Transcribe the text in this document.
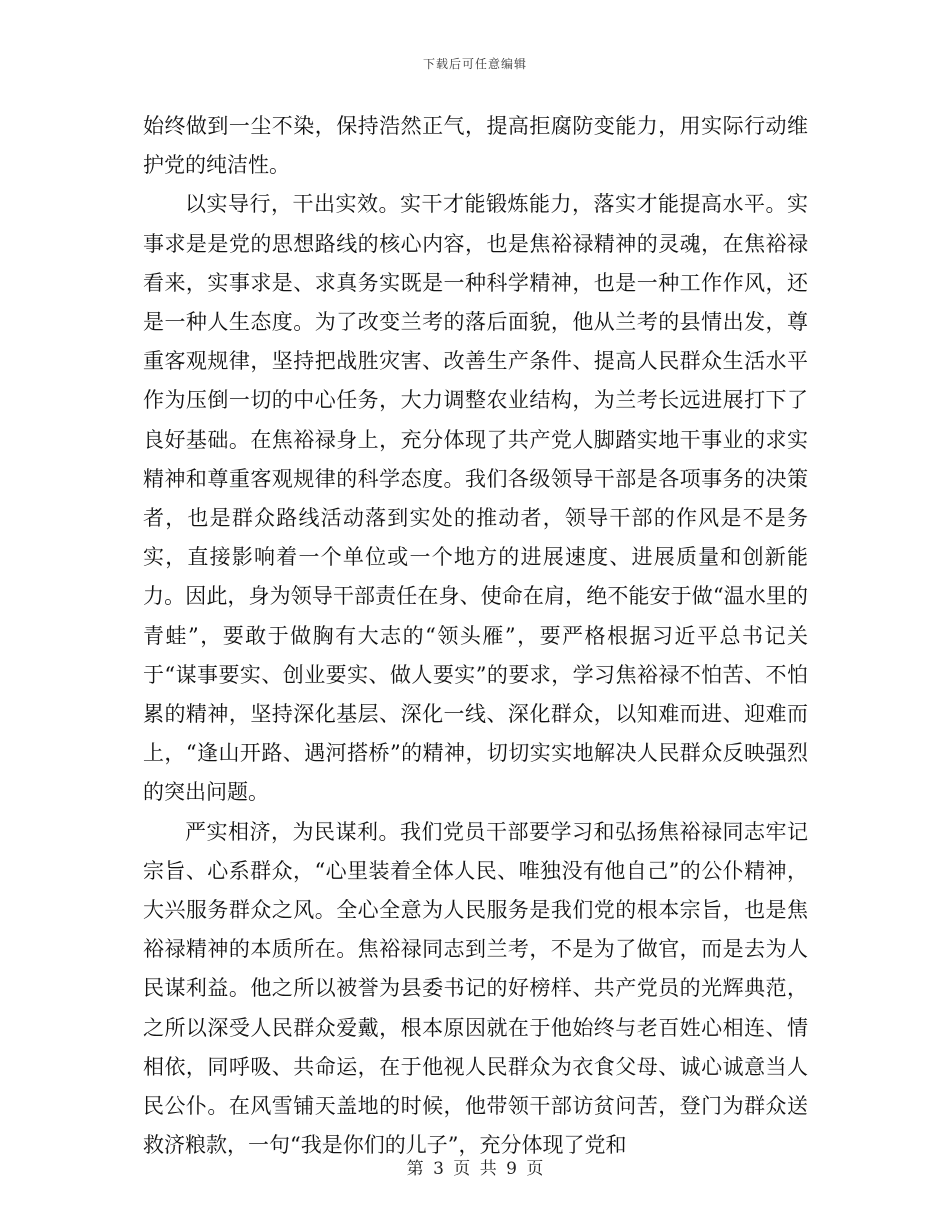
下载后可任意编辑

始终做到一尘不染，保持浩然正气，提高拒腐防变能力，用实际行动维护党的纯洁性。

以实导行，干出实效。实干才能锻炼能力，落实才能提高水平。实事求是是党的思想路线的核心内容，也是焦裕禄精神的灵魂，在焦裕禄看来，实事求是、求真务实既是一种科学精神，也是一种工作作风，还是一种人生态度。为了改变兰考的落后面貌，他从兰考的县情出发，尊重客观规律，坚持把战胜灾害、改善生产条件、提高人民群众生活水平作为压倒一切的中心任务，大力调整农业结构，为兰考长远进展打下了良好基础。在焦裕禄身上，充分体现了共产党人脚踏实地干事业的求实精神和尊重客观规律的科学态度。我们各级领导干部是各项事务的决策者，也是群众路线活动落到实处的推动者，领导干部的作风是不是务实，直接影响着一个单位或一个地方的进展速度、进展质量和创新能力。因此，身为领导干部责任在身、使命在肩，绝不能安于做“温水里的青蛙”，要敢于做胸有大志的“领头雁”，要严格根据习近平总书记关于“谋事要实、创业要实、做人要实”的要求，学习焦裕禄不怕苦、不怕累的精神，坚持深化基层、深化一线、深化群众，以知难而进、迎难而上，“逢山开路、遇河搭桥”的精神，切切实实地解决人民群众反映强烈的突出问题。

严实相济，为民谋利。我们党员干部要学习和弘扬焦裕禄同志牢记宗旨、心系群众，“心里装着全体人民、唯独没有他自己”的公仆精神，大兴服务群众之风。全心全意为人民服务是我们党的根本宗旨，也是焦裕禄精神的本质所在。焦裕禄同志到兰考，不是为了做官，而是去为人民谋利益。他之所以被誉为县委书记的好榜样、共产党员的光辉典范，之所以深受人民群众爱戴，根本原因就在于他始终与老百姓心相连、情相依，同呼吸、共命运，在于他视人民群众为衣食父母、诚心诚意当人民公仆。在风雪铺天盖地的时候，他带领干部访贫问苦，登门为群众送救济粮款，一句“我是你们的儿子”，充分体现了党和

第 3 页 共 9 页
